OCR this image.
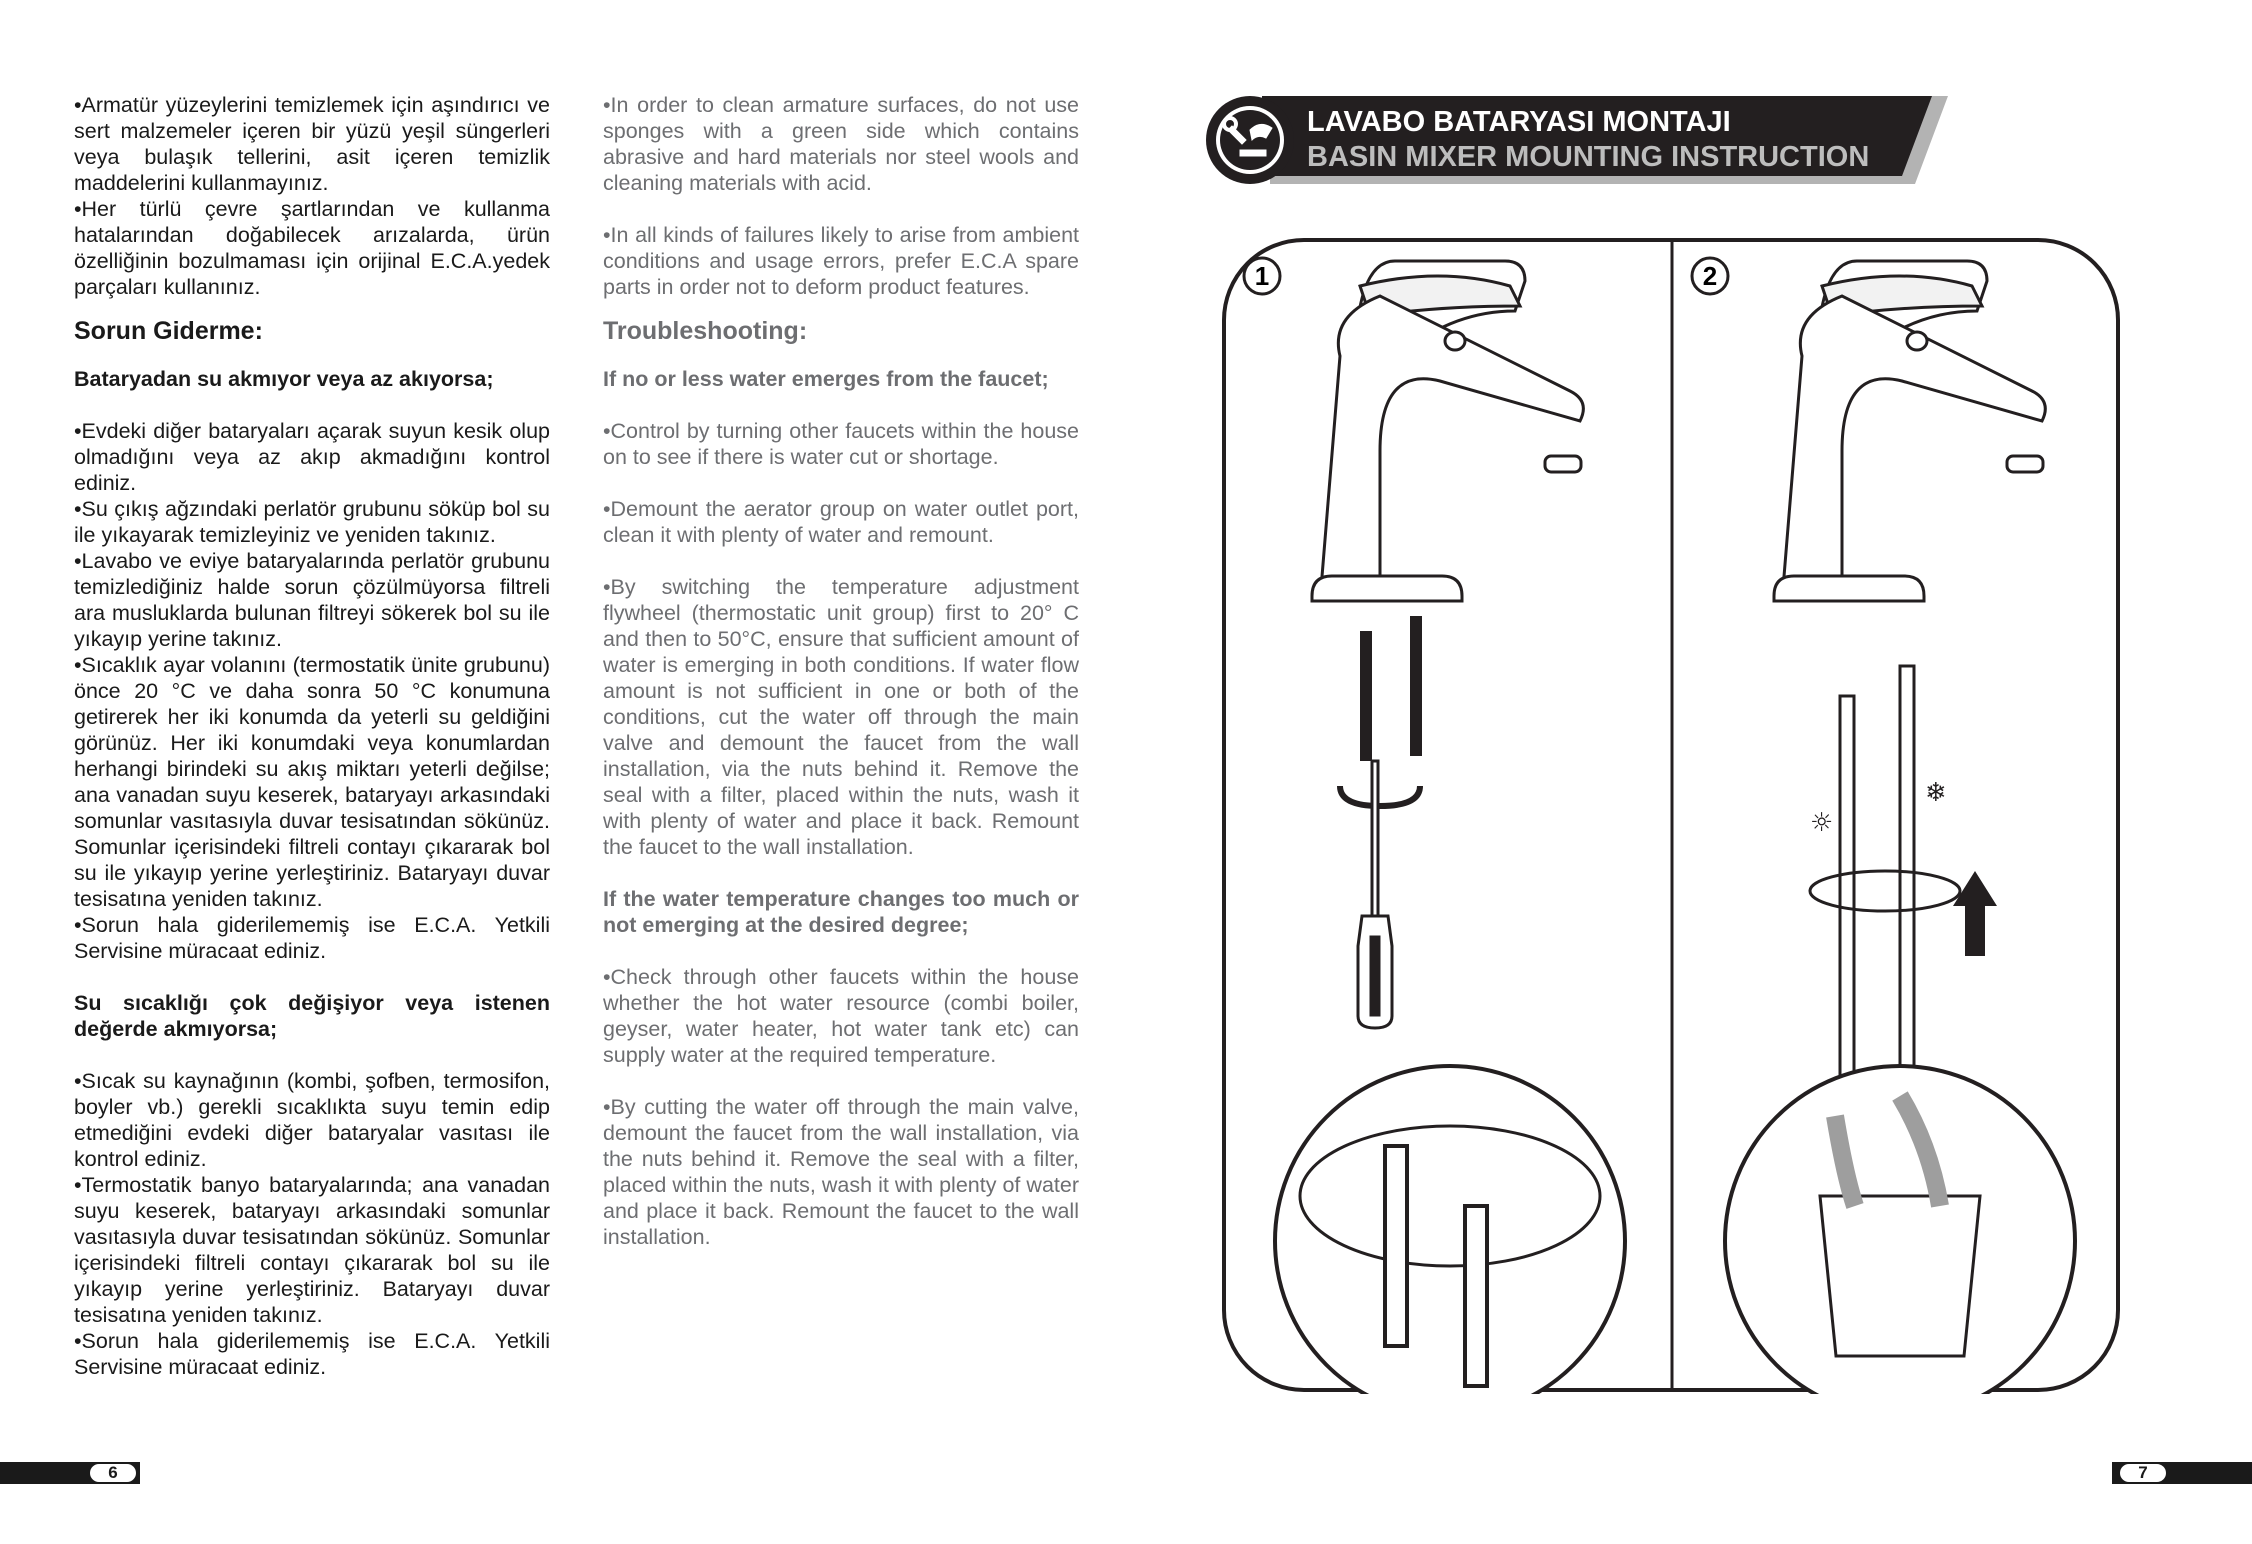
•Armatür yüzeylerini temizlemek için aşındırıcı ve sert malzemeler içeren bir yüzü yeşil süngerleri veya bulaşık tellerini, asit içeren temizlik maddelerini kullanmayınız.

•Her türlü çevre şartlarından ve kullanma hatalarından doğabilecek arızalarda, ürün özelliğinin bozulmaması için orijinal E.C.A.yedek parçaları kullanınız.

Sorun Giderme:

Bataryadan su akmıyor veya az akıyorsa;

•Evdeki diğer bataryaları açarak suyun kesik olup olmadığını veya az akıp akmadığını kontrol ediniz.

•Su çıkış ağzındaki perlatör grubunu söküp bol su ile yıkayarak temizleyiniz ve yeniden takınız.

•Lavabo ve eviye bataryalarında perlatör grubunu temizlediğiniz halde sorun çözülmüyorsa filtreli ara musluklarda bulunan filtreyi sökerek bol su ile yıkayıp yerine takınız.

•Sıcaklık ayar volanını (termostatik ünite grubunu) önce 20 °C ve daha sonra 50 °C konumuna getirerek her iki konumda da yeterli su geldiğini görünüz. Her iki konumdaki veya konumlardan herhangi birindeki su akış miktarı yeterli değilse; ana vanadan suyu keserek, bataryayı arkasındaki somunlar vasıtasıyla duvar tesisatından sökünüz. Somunlar içerisindeki filtreli contayı çıkararak bol su ile yıkayıp yerine yerleştiriniz. Bataryayı duvar tesisatına yeniden takınız.

•Sorun hala giderilememiş ise E.C.A. Yetkili Servisine müracaat ediniz.

Su sıcaklığı çok değişiyor veya istenen değerde akmıyorsa;

•Sıcak su kaynağının (kombi, şofben, termosifon, boyler vb.) gerekli sıcaklıkta suyu temin edip etmediğini evdeki diğer bataryalar vasıtası ile kontrol ediniz.

•Termostatik banyo bataryalarında; ana vanadan suyu keserek, bataryayı arkasındaki somunlar vasıtasıyla duvar tesisatından sökünüz. Somunlar içerisindeki filtreli contayı çıkararak bol su ile yıkayıp yerine yerleştiriniz. Bataryayı duvar tesisatına yeniden takınız.

•Sorun hala giderilememiş ise E.C.A. Yetkili Servisine müracaat ediniz.

•In order to clean armature surfaces, do not use sponges with a green side which contains abrasive and hard materials nor steel wools and cleaning materials with acid.

•In all kinds of failures likely to arise from ambient conditions and usage errors, prefer E.C.A spare parts in order not to deform product features.

Troubleshooting:

If no or less water emerges from the faucet;

•Control by turning other faucets within the house on to see if there is water cut or shortage.

•Demount the aerator group on water outlet port, clean it with plenty of water and remount.

•By switching the temperature adjustment flywheel (thermostatic unit group) first to 20° C and then to 50°C, ensure that sufficient amount of water is emerging in both conditions. If water flow amount is not sufficient in one or both of the conditions, cut the water off through the main valve and demount the faucet from the wall installation, via the nuts behind it. Remove the seal with a filter, placed within the nuts, wash it with plenty of water and place it back. Remount the faucet to the wall installation.

If the water temperature changes too much or not emerging at the desired degree;

•Check through other faucets within the house whether the hot water resource (combi boiler, geyser, water heater, hot water tank etc) can supply water at the required temperature.

•By cutting the water off through the main valve, demount the faucet from the wall installation, via the nuts behind it. Remove the seal with a filter, placed within the nuts, wash it with plenty of water and place it back. Remount the faucet to the wall installation.

LAVABO BATARYASI MONTAJI
BASIN MIXER MOUNTING INSTRUCTION
1	2
☼
❄
6	7
